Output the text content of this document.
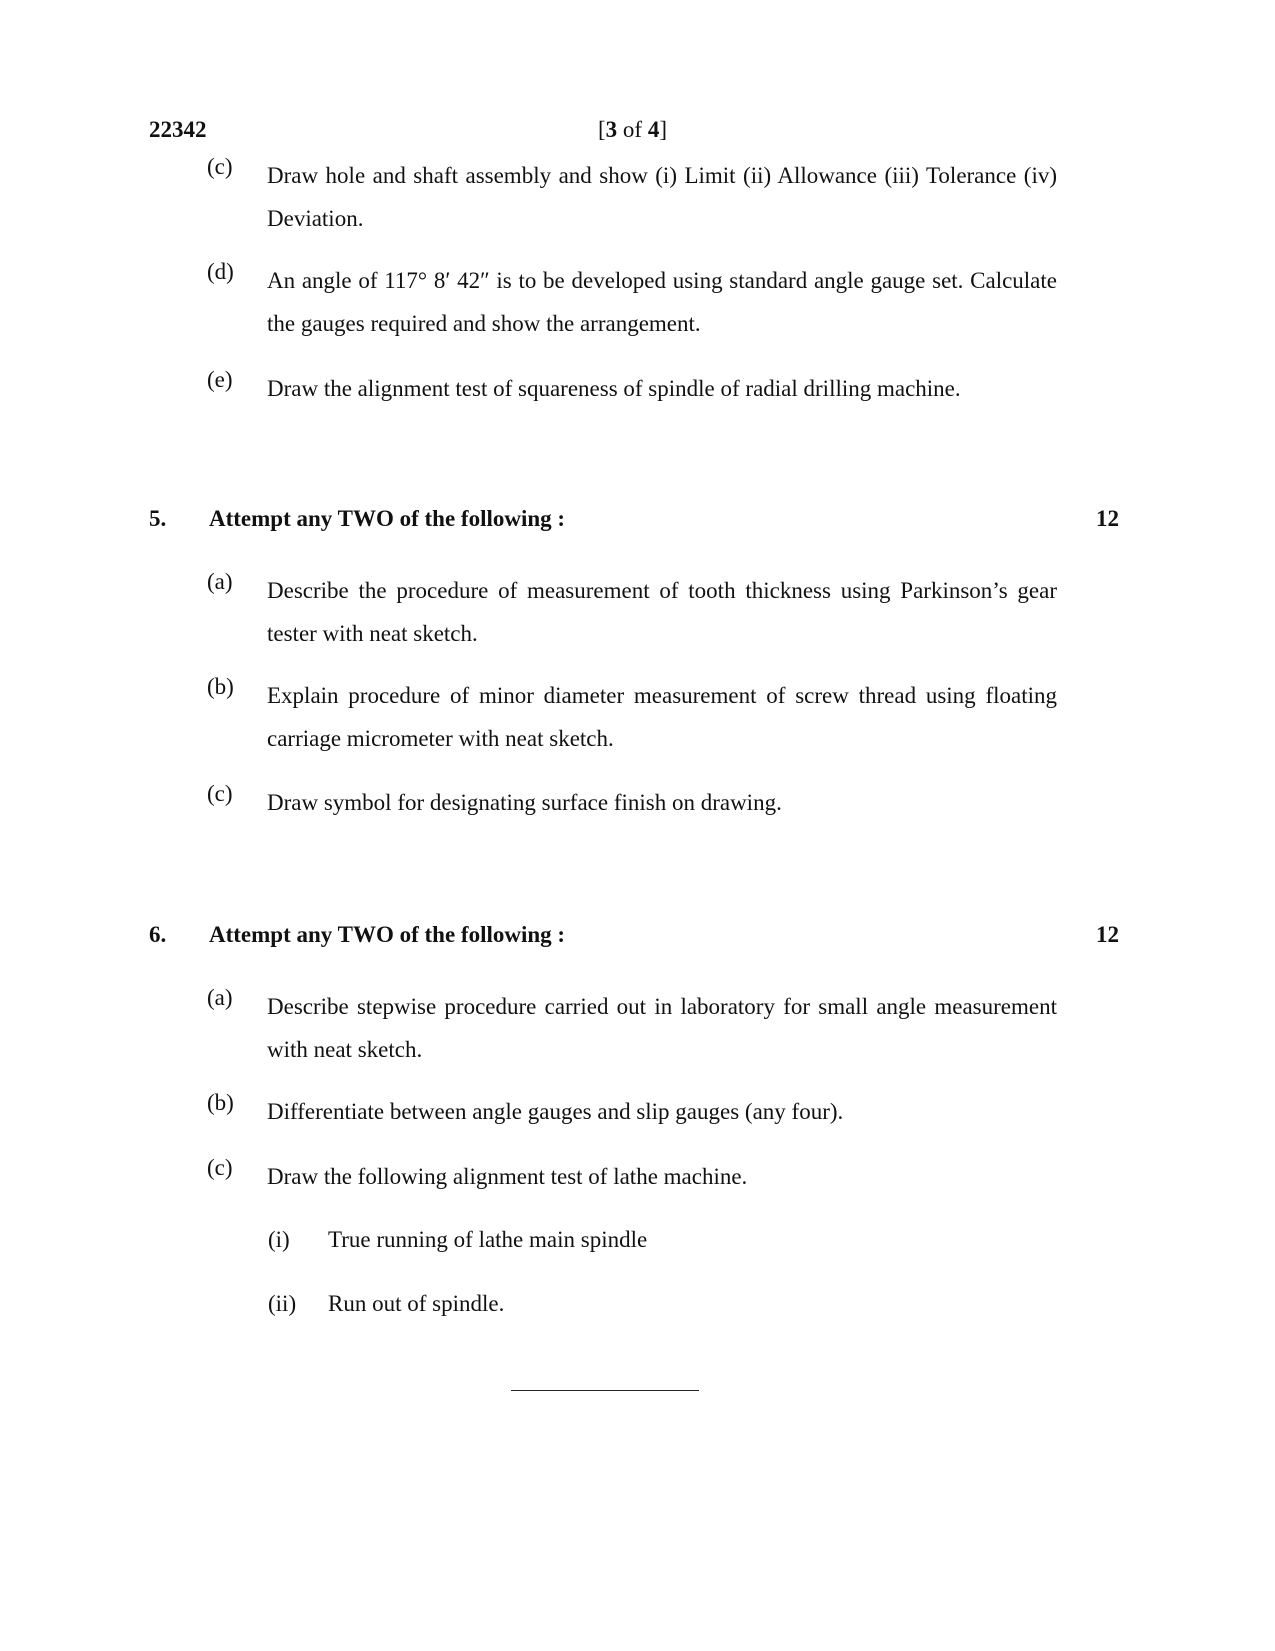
22342	[3 of 4]
(c) Draw hole and shaft assembly and show (i) Limit (ii) Allowance (iii) Tolerance (iv) Deviation.
(d) An angle of 117° 8′ 42″ is to be developed using standard angle gauge set. Calculate the gauges required and show the arrangement.
(e) Draw the alignment test of squareness of spindle of radial drilling machine.
5. Attempt any TWO of the following :	12
(a) Describe the procedure of measurement of tooth thickness using Parkinson’s gear tester with neat sketch.
(b) Explain procedure of minor diameter measurement of screw thread using floating carriage micrometer with neat sketch.
(c) Draw symbol for designating surface finish on drawing.
6. Attempt any TWO of the following :	12
(a) Describe stepwise procedure carried out in laboratory for small angle measurement with neat sketch.
(b) Differentiate between angle gauges and slip gauges (any four).
(c) Draw the following alignment test of lathe machine.
(i) True running of lathe main spindle
(ii) Run out of spindle.
